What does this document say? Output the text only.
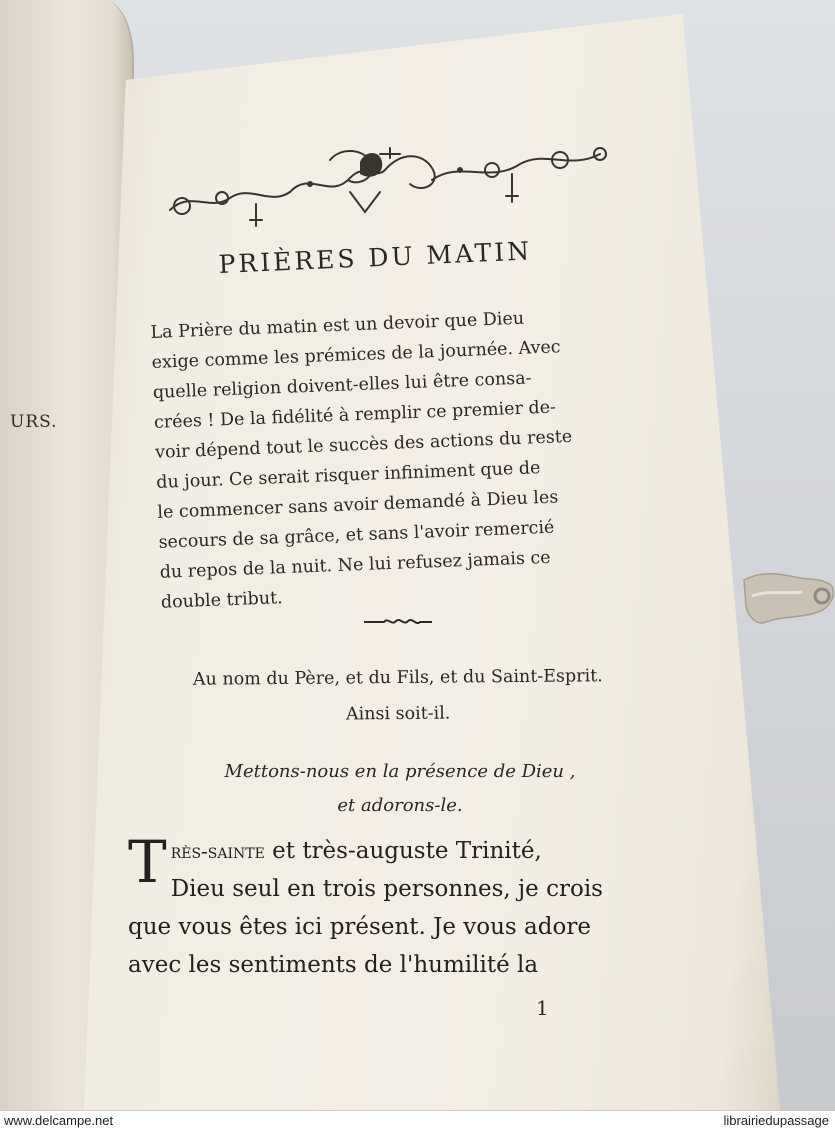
URS.
PRIÈRES DU MATIN
La Prière du matin est un devoir que Dieu
exige comme les prémices de la journée. Avec
quelle religion doivent-elles lui être consa-
crées ! De la fidélité à remplir ce premier de-
voir dépend tout le succès des actions du reste
du jour. Ce serait risquer infiniment que de
le commencer sans avoir demandé à Dieu les
secours de sa grâce, et sans l'avoir remercié
du repos de la nuit. Ne lui refusez jamais ce
double tribut.
Au nom du Père, et du Fils, et du Saint-Esprit.
Ainsi soit-il.
Mettons-nous en la présence de Dieu ,
et adorons-le.
T rès-sainte et très-auguste Trinité,
Dieu seul en trois personnes, je crois
que vous êtes ici présent. Je vous adore
avec les sentiments de l'humilité la
1
www.delcampe.net	librairiedupassage
